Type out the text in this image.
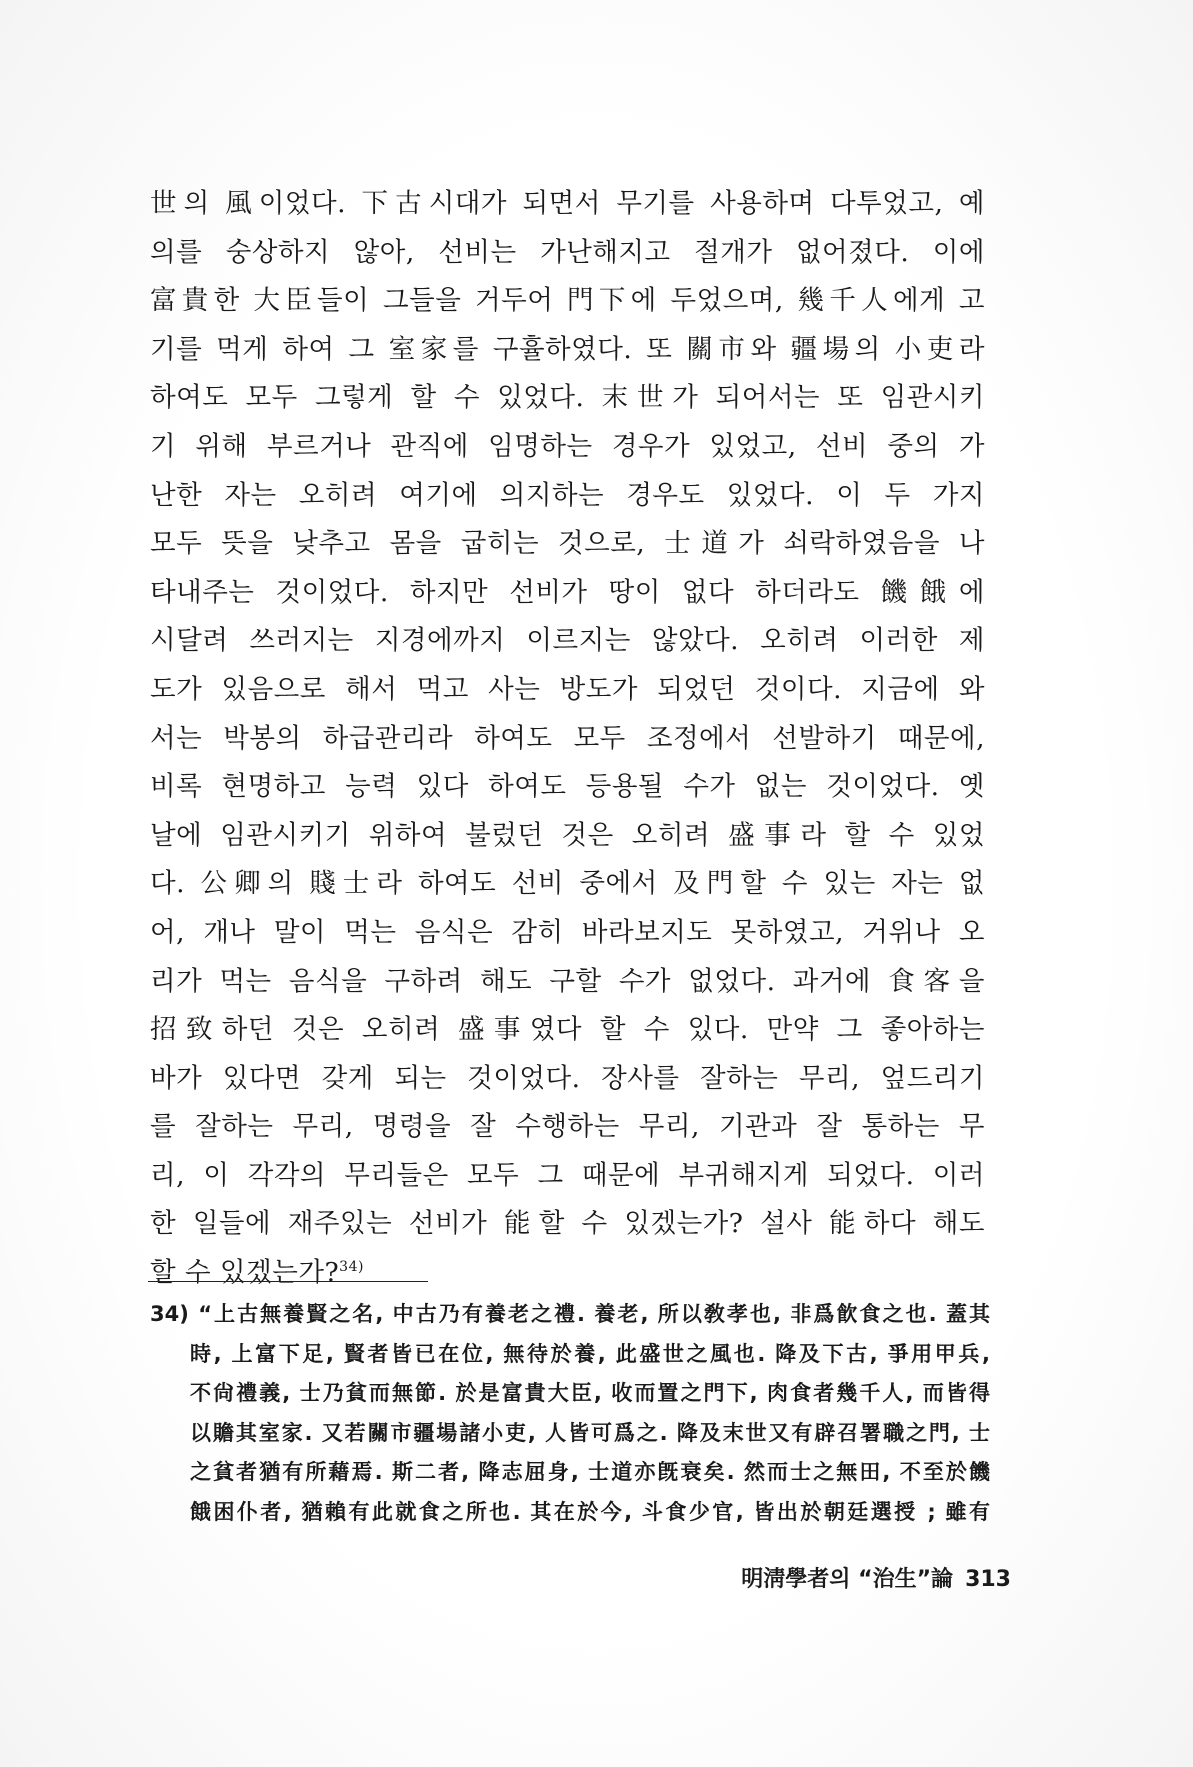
世의 風이었다. 下古시대가 되면서 무기를 사용하며 다투었고, 예
의를 숭상하지 않아, 선비는 가난해지고 절개가 없어졌다. 이에
富貴한 大臣들이 그들을 거두어 門下에 두었으며, 幾千人에게 고
기를 먹게 하여 그 室家를 구휼하였다. 또 關市와 疆場의 小吏라
하여도 모두 그렇게 할 수 있었다. 末世가 되어서는 또 임관시키
기 위해 부르거나 관직에 임명하는 경우가 있었고, 선비 중의 가
난한 자는 오히려 여기에 의지하는 경우도 있었다. 이 두 가지
모두 뜻을 낮추고 몸을 굽히는 것으로, 士道가 쇠락하였음을 나
타내주는 것이었다. 하지만 선비가 땅이 없다 하더라도 饑餓에
시달려 쓰러지는 지경에까지 이르지는 않았다. 오히려 이러한 제
도가 있음으로 해서 먹고 사는 방도가 되었던 것이다. 지금에 와
서는 박봉의 하급관리라 하여도 모두 조정에서 선발하기 때문에,
비록 현명하고 능력 있다 하여도 등용될 수가 없는 것이었다. 옛
날에 임관시키기 위하여 불렀던 것은 오히려 盛事라 할 수 있었
다. 公卿의 賤士라 하여도 선비 중에서 及門할 수 있는 자는 없
어, 개나 말이 먹는 음식은 감히 바라보지도 못하였고, 거위나 오
리가 먹는 음식을 구하려 해도 구할 수가 없었다. 과거에 食客을
招致하던 것은 오히려 盛事였다 할 수 있다. 만약 그 좋아하는
바가 있다면 갖게 되는 것이었다. 장사를 잘하는 무리, 엎드리기
를 잘하는 무리, 명령을 잘 수행하는 무리, 기관과 잘 통하는 무
리, 이 각각의 무리들은 모두 그 때문에 부귀해지게 되었다. 이러
한 일들에 재주있는 선비가 能할 수 있겠는가? 설사 能하다 해도
할 수 있겠는가?$^{34)}$
34) “上古無養賢之名, 中古乃有養老之禮. 養老, 所以敎孝也, 非爲飮食之也. 蓋其
時, 上富下足, 賢者皆已在位, 無待於養, 此盛世之風也. 降及下古, 爭用甲兵,
不尙禮義, 士乃貧而無節. 於是富貴大臣, 收而置之門下, 肉食者幾千人, 而皆得
以贍其室家. 又若關市疆場諸小吏, 人皆可爲之. 降及末世又有辟召署職之門, 士
之貧者猶有所藉焉. 斯二者, 降志屈身, 士道亦旣衰矣. 然而士之無田, 不至於饑
餓困仆者, 猶賴有此就食之所也. 其在於今, 斗食少官, 皆出於朝廷選授 ; 雖有
明淸學者의 “治生”論 313
